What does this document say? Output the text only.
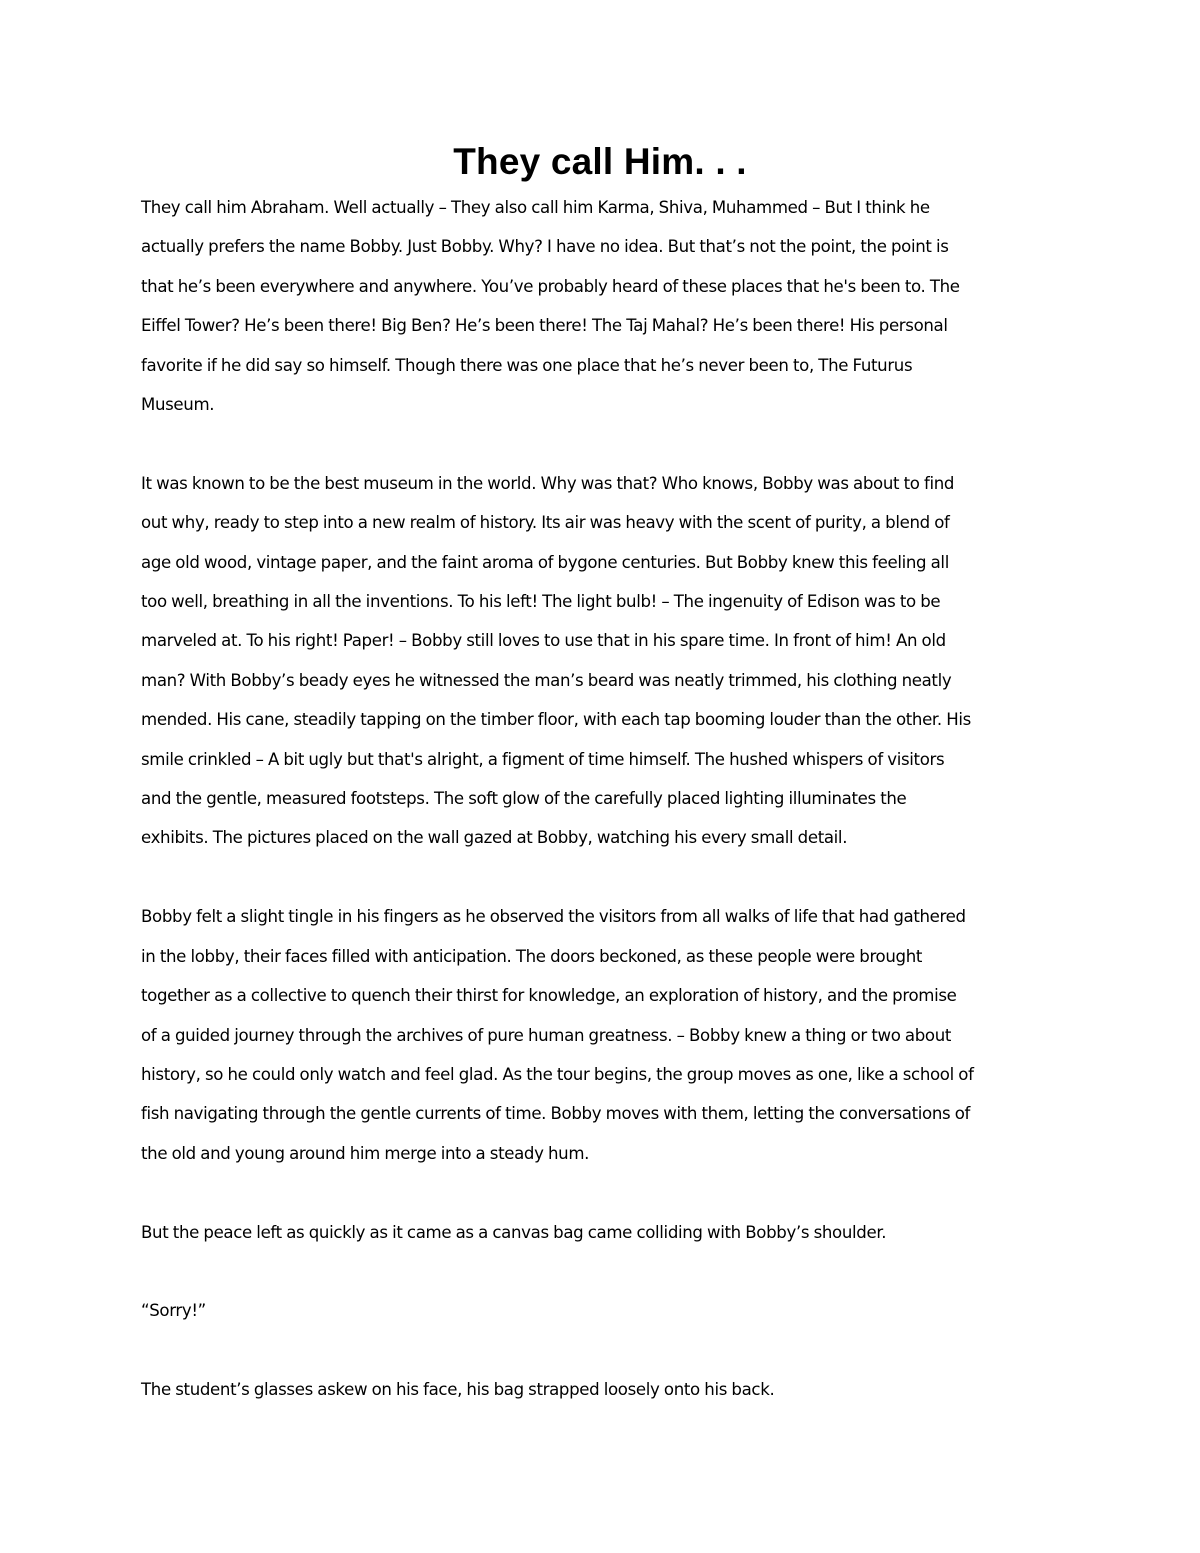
They call Him. . .

They call him Abraham. Well actually – They also call him Karma, Shiva, Muhammed – But I think he
actually prefers the name Bobby. Just Bobby. Why? I have no idea. But that’s not the point, the point is
that he’s been everywhere and anywhere. You’ve probably heard of these places that he's been to. The
Eiffel Tower? He’s been there! Big Ben? He’s been there! The Taj Mahal? He’s been there! His personal
favorite if he did say so himself. Though there was one place that he’s never been to, The Futurus
Museum.

It was known to be the best museum in the world. Why was that? Who knows, Bobby was about to find
out why, ready to step into a new realm of history. Its air was heavy with the scent of purity, a blend of
age old wood, vintage paper, and the faint aroma of bygone centuries. But Bobby knew this feeling all
too well, breathing in all the inventions. To his left! The light bulb! – The ingenuity of Edison was to be
marveled at. To his right! Paper! – Bobby still loves to use that in his spare time. In front of him! An old
man? With Bobby’s beady eyes he witnessed the man’s beard was neatly trimmed, his clothing neatly
mended. His cane, steadily tapping on the timber floor, with each tap booming louder than the other. His
smile crinkled – A bit ugly but that's alright, a figment of time himself. The hushed whispers of visitors
and the gentle, measured footsteps. The soft glow of the carefully placed lighting illuminates the
exhibits. The pictures placed on the wall gazed at Bobby, watching his every small detail.

Bobby felt a slight tingle in his fingers as he observed the visitors from all walks of life that had gathered
in the lobby, their faces filled with anticipation. The doors beckoned, as these people were brought
together as a collective to quench their thirst for knowledge, an exploration of history, and the promise
of a guided journey through the archives of pure human greatness. – Bobby knew a thing or two about
history, so he could only watch and feel glad. As the tour begins, the group moves as one, like a school of
fish navigating through the gentle currents of time. Bobby moves with them, letting the conversations of
the old and young around him merge into a steady hum.

But the peace left as quickly as it came as a canvas bag came colliding with Bobby’s shoulder.

“Sorry!”

The student’s glasses askew on his face, his bag strapped loosely onto his back.
